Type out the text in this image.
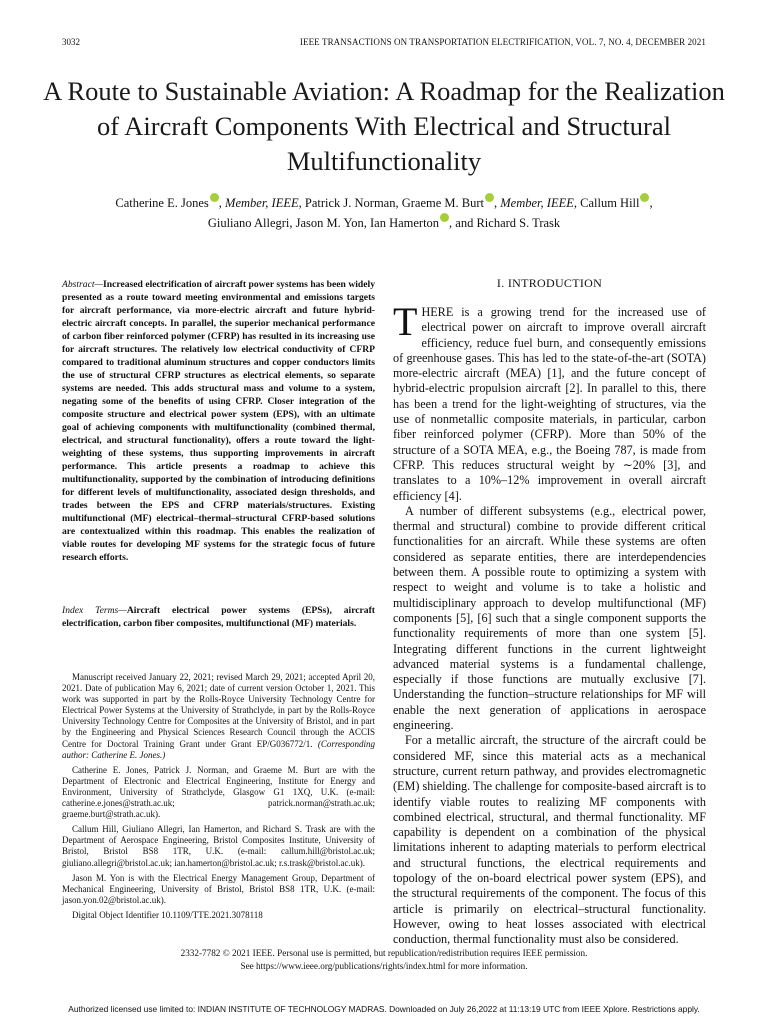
3032	IEEE TRANSACTIONS ON TRANSPORTATION ELECTRIFICATION, VOL. 7, NO. 4, DECEMBER 2021
A Route to Sustainable Aviation: A Roadmap for the Realization of Aircraft Components With Electrical and Structural Multifunctionality
Catherine E. Jones , Member, IEEE, Patrick J. Norman, Graeme M. Burt , Member, IEEE, Callum Hill ,
Giuliano Allegri, Jason M. Yon, Ian Hamerton , and Richard S. Trask
Abstract—Increased electrification of aircraft power systems has been widely presented as a route toward meeting environmental and emissions targets for aircraft performance, via more-electric aircraft and future hybrid-electric aircraft concepts. In parallel, the superior mechanical performance of carbon fiber reinforced polymer (CFRP) has resulted in its increasing use for aircraft structures. The relatively low electrical conductivity of CFRP compared to traditional aluminum structures and copper conductors limits the use of structural CFRP structures as electrical elements, so separate systems are needed. This adds structural mass and volume to a system, negating some of the benefits of using CFRP. Closer integration of the composite structure and electrical power system (EPS), with an ultimate goal of achieving components with multifunctionality (combined thermal, electrical, and structural functionality), offers a route toward the light-weighting of these systems, thus supporting improvements in aircraft performance. This article presents a roadmap to achieve this multifunctionality, supported by the combination of introducing definitions for different levels of multifunctionality, associated design thresholds, and trades between the EPS and CFRP materials/structures. Existing multifunctional (MF) electrical–thermal–structural CFRP-based solutions are contextualized within this roadmap. This enables the realization of viable routes for developing MF systems for the strategic focus of future research efforts.
Index Terms—Aircraft electrical power systems (EPSs), aircraft electrification, carbon fiber composites, multifunctional (MF) materials.

Manuscript received January 22, 2021; revised March 29, 2021; accepted April 20, 2021. Date of publication May 6, 2021; date of current version October 1, 2021. This work was supported in part by the Rolls-Royce University Technology Centre for Electrical Power Systems at the University of Strathclyde, in part by the Rolls-Royce University Technology Centre for Composites at the University of Bristol, and in part by the Engineering and Physical Sciences Research Council through the ACCIS Centre for Doctoral Training Grant under Grant EP/G036772/1. (Corresponding author: Catherine E. Jones.)

Catherine E. Jones, Patrick J. Norman, and Graeme M. Burt are with the Department of Electronic and Electrical Engineering, Institute for Energy and Environment, University of Strathclyde, Glasgow G1 1XQ, U.K. (e-mail: catherine.e.jones@strath.ac.uk; patrick.norman@strath.ac.uk; graeme.burt@strath.ac.uk).

Callum Hill, Giuliano Allegri, Ian Hamerton, and Richard S. Trask are with the Department of Aerospace Engineering, Bristol Composites Institute, University of Bristol, Bristol BS8 1TR, U.K. (e-mail: callum.hill@bristol.ac.uk; giuliano.allegri@bristol.ac.uk; ian.hamerton@bristol.ac.uk; r.s.trask@bristol.ac.uk).

Jason M. Yon is with the Electrical Energy Management Group, Department of Mechanical Engineering, University of Bristol, Bristol BS8 1TR, U.K. (e-mail: jason.yon.02@bristol.ac.uk).

Digital Object Identifier 10.1109/TTE.2021.3078118

I. INTRODUCTION

THERE is a growing trend for the increased use of electrical power on aircraft to improve overall aircraft efficiency, reduce fuel burn, and consequently emissions of greenhouse gases. This has led to the state-of-the-art (SOTA) more-electric aircraft (MEA) [1], and the future concept of hybrid-electric propulsion aircraft [2]. In parallel to this, there has been a trend for the light-weighting of structures, via the use of nonmetallic composite materials, in particular, carbon fiber reinforced polymer (CFRP). More than 50% of the structure of a SOTA MEA, e.g., the Boeing 787, is made from CFRP. This reduces structural weight by ∼20% [3], and translates to a 10%–12% improvement in overall aircraft efficiency [4].

A number of different subsystems (e.g., electrical power, thermal and structural) combine to provide different critical functionalities for an aircraft. While these systems are often considered as separate entities, there are interdependencies between them. A possible route to optimizing a system with respect to weight and volume is to take a holistic and multidisciplinary approach to develop multifunctional (MF) components [5], [6] such that a single component supports the functionality requirements of more than one system [5]. Integrating different functions in the current lightweight advanced material systems is a fundamental challenge, especially if those functions are mutually exclusive [7]. Understanding the function–structure relationships for MF will enable the next generation of applications in aerospace engineering.

For a metallic aircraft, the structure of the aircraft could be considered MF, since this material acts as a mechanical structure, current return pathway, and provides electromagnetic (EM) shielding. The challenge for composite-based aircraft is to identify viable routes to realizing MF components with combined electrical, structural, and thermal functionality. MF capability is dependent on a combination of the physical limitations inherent to adapting materials to perform electrical and structural functions, the electrical requirements and topology of the on-board electrical power system (EPS), and the structural requirements of the component. The focus of this article is primarily on electrical–structural functionality. However, owing to heat losses associated with electrical conduction, thermal functionality must also be considered.

2332-7782 © 2021 IEEE. Personal use is permitted, but republication/redistribution requires IEEE permission.
See https://www.ieee.org/publications/rights/index.html for more information.
Authorized licensed use limited to: INDIAN INSTITUTE OF TECHNOLOGY MADRAS. Downloaded on July 26,2022 at 11:13:19 UTC from IEEE Xplore. Restrictions apply.
